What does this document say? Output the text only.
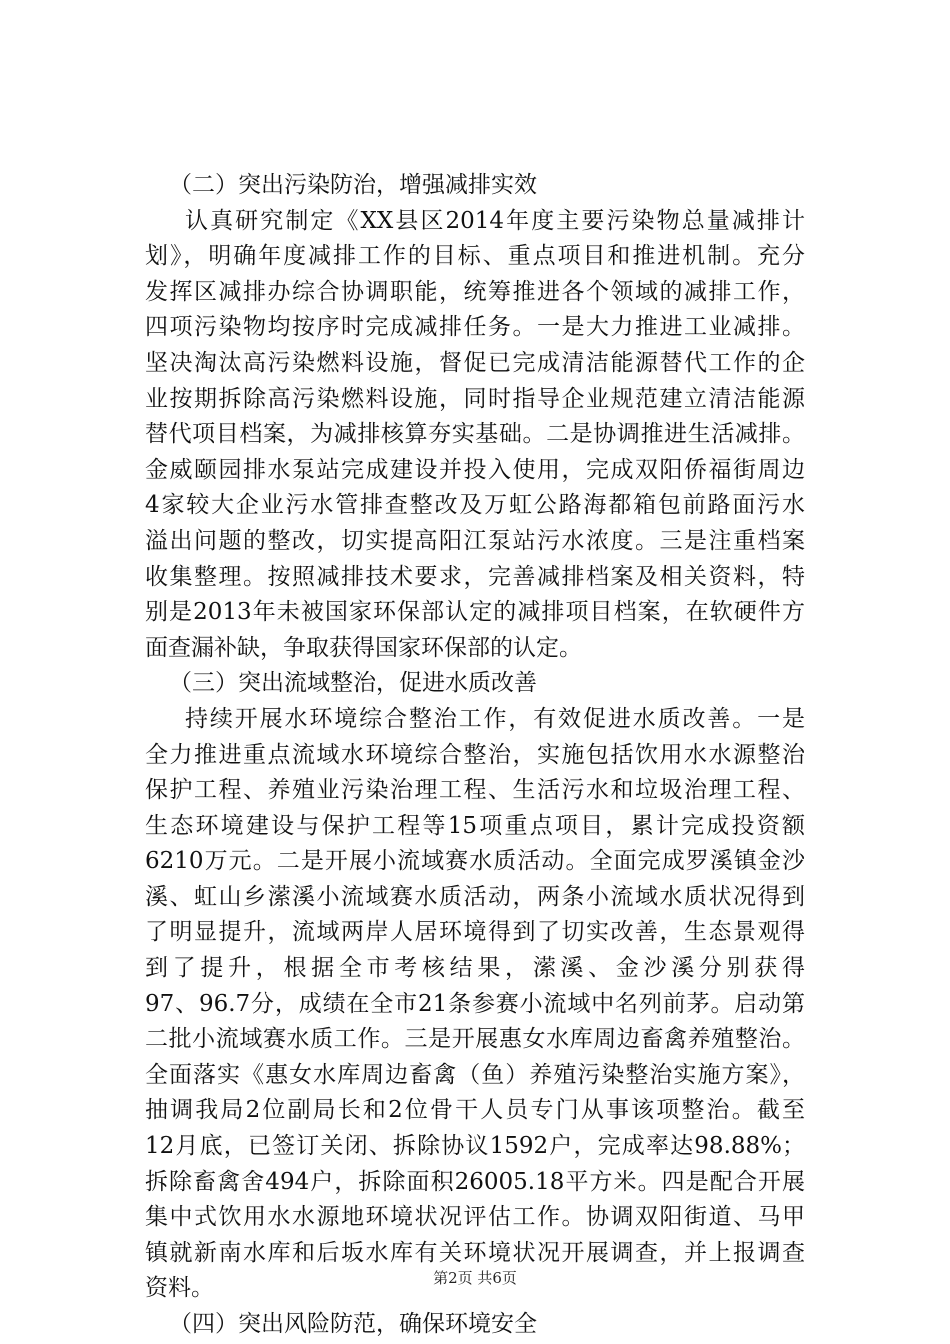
（二）突出污染防治，增强减排实效
认真研究制定《XX县区2014年度主要污染物总量减排计
划》，明确年度减排工作的目标、重点项目和推进机制。充分
发挥区减排办综合协调职能，统筹推进各个领域的减排工作，
四项污染物均按序时完成减排任务。一是大力推进工业减排。
坚决淘汰高污染燃料设施，督促已完成清洁能源替代工作的企
业按期拆除高污染燃料设施，同时指导企业规范建立清洁能源
替代项目档案，为减排核算夯实基础。二是协调推进生活减排。
金威颐园排水泵站完成建设并投入使用，完成双阳侨福街周边
4家较大企业污水管排查整改及万虹公路海都箱包前路面污水
溢出问题的整改，切实提高阳江泵站污水浓度。三是注重档案
收集整理。按照减排技术要求，完善减排档案及相关资料，特
别是2013年未被国家环保部认定的减排项目档案，在软硬件方
面查漏补缺，争取获得国家环保部的认定。
（三）突出流域整治，促进水质改善
持续开展水环境综合整治工作，有效促进水质改善。一是
全力推进重点流域水环境综合整治，实施包括饮用水水源整治
保护工程、养殖业污染治理工程、生活污水和垃圾治理工程、
生态环境建设与保护工程等15项重点项目，累计完成投资额
6210万元。二是开展小流域赛水质活动。全面完成罗溪镇金沙
溪、虹山乡潆溪小流域赛水质活动，两条小流域水质状况得到
了明显提升，流域两岸人居环境得到了切实改善，生态景观得
到了提升，根据全市考核结果，潆溪、金沙溪分别获得
97、96.7分，成绩在全市21条参赛小流域中名列前茅。启动第
二批小流域赛水质工作。三是开展惠女水库周边畜禽养殖整治。
全面落实《惠女水库周边畜禽（鱼）养殖污染整治实施方案》，
抽调我局2位副局长和2位骨干人员专门从事该项整治。截至
12月底，已签订关闭、拆除协议1592户，完成率达98.88%；
拆除畜禽舍494户，拆除面积26005.18平方米。四是配合开展
集中式饮用水水源地环境状况评估工作。协调双阳街道、马甲
镇就新南水库和后坂水库有关环境状况开展调查，并上报调查
资料。
（四）突出风险防范，确保环境安全
第2页 共6页
